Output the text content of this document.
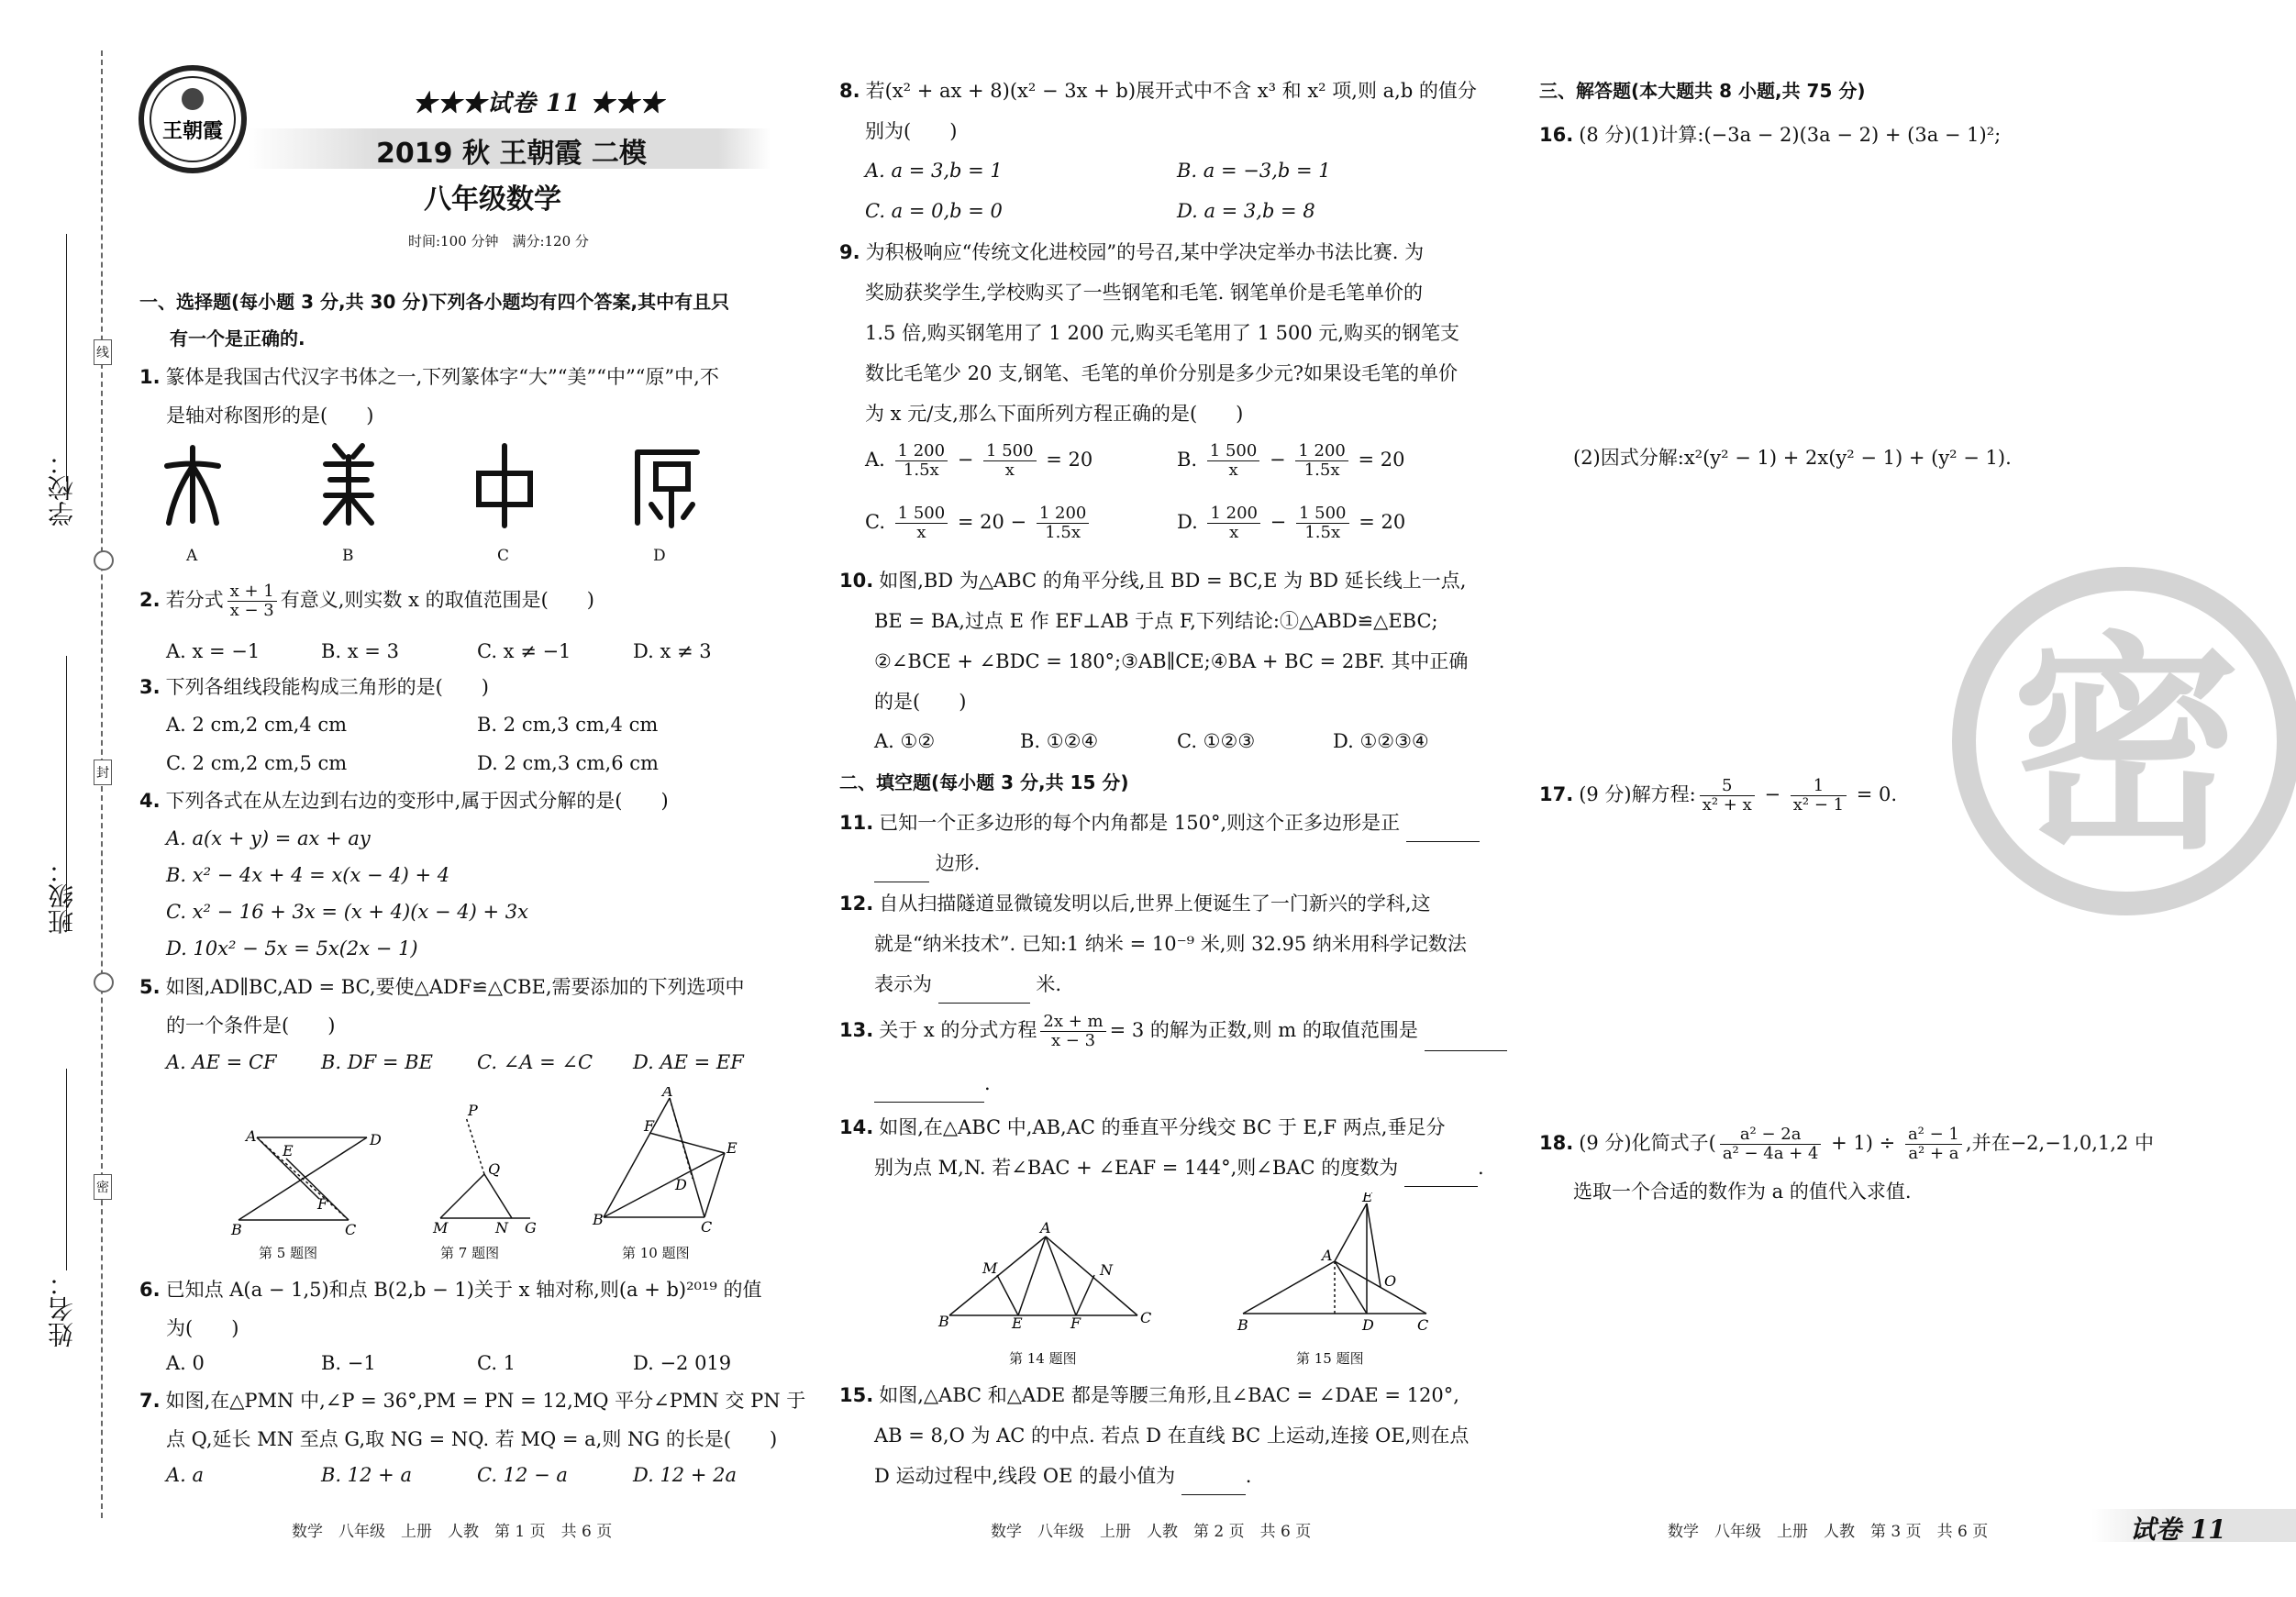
学校：
班级：
姓名：
线
封
密
王朝霞
★★★试卷 11 ★★★
2019 秋 王朝霞 二模
八年级数学
时间:100 分钟　满分:120 分
一、选择题(每小题 3 分,共 30 分)下列各小题均有四个答案,其中有且只
有一个是正确的.
1. 篆体是我国古代汉字书体之一,下列篆体字“大”“美”“中”“原”中,不
是轴对称图形的是(　　)
A	B	C	D
2. 若分式 $\frac{x + 1}{x - 3}$ 有意义,则实数 x 的取值范围是(　　)
A. x = −1	B. x = 3	C. x ≠ −1	D. x ≠ 3
3. 下列各组线段能构成三角形的是(　　)
A. 2 cm,2 cm,4 cm	B. 2 cm,3 cm,4 cm
C. 2 cm,2 cm,5 cm	D. 2 cm,3 cm,6 cm
4. 下列各式在从左边到右边的变形中,属于因式分解的是(　　)
A. a(x + y) = ax + ay
B. x² − 4x + 4 = x(x − 4) + 4
C. x² − 16 + 3x = (x + 4)(x − 4) + 3x
D. 10x² − 5x = 5x(2x − 1)
5. 如图,AD∥BC,AD = BC,要使△ADF≌△CBE,需要添加的下列选项中
的一个条件是(　　)
A. AE = CF B. DF = BE C. ∠A = ∠C D. AE = EF
A	D
E
F
B	C
第 5 题图
P
Q
M	N G
第 7 题图
A
F
E
D
B	C
第 10 题图
6. 已知点 A(a − 1,5)和点 B(2,b − 1)关于 x 轴对称,则(a + b)²⁰¹⁹ 的值
为(　　)
A. 0	B. −1	C. 1	D. −2 019
7. 如图,在△PMN 中,∠P = 36°,PM = PN = 12,MQ 平分∠PMN 交 PN 于
点 Q,延长 MN 至点 G,取 NG = NQ. 若 MQ = a,则 NG 的长是(　　)
A. a	B. 12 + a	C. 12 − a	D. 12 + 2a
数学　八年级　上册　人教　第 1 页　共 6 页
8. 若(x² + ax + 8)(x² − 3x + b)展开式中不含 x³ 和 x² 项,则 a,b 的值分
别为(　　)
A. a = 3,b = 1	B. a = −3,b = 1
C. a = 0,b = 0	D. a = 3,b = 8
9. 为积极响应“传统文化进校园”的号召,某中学决定举办书法比赛. 为
奖励获奖学生,学校购买了一些钢笔和毛笔. 钢笔单价是毛笔单价的
1.5 倍,购买钢笔用了 1 200 元,购买毛笔用了 1 500 元,购买的钢笔支
数比毛笔少 20 支,钢笔、毛笔的单价分别是多少元?如果设毛笔的单价
为 x 元/支,那么下面所列方程正确的是(　　)
A. $\frac{1 200}{1.5x} - \frac{1 500}{x} = 20$	B. $\frac{1 500}{x} - \frac{1 200}{1.5x} = 20$
C. $\frac{1 500}{x} = 20 - \frac{1 200}{1.5x}$	D. $\frac{1 200}{x} - \frac{1 500}{1.5x} = 20$
10. 如图,BD 为△ABC 的角平分线,且 BD = BC,E 为 BD 延长线上一点,
BE = BA,过点 E 作 EF⊥AB 于点 F,下列结论:①△ABD≌△EBC;
②∠BCE + ∠BDC = 180°;③AB∥CE;④BA + BC = 2BF. 其中正确
的是(　　)
A. ①②	B. ①②④	C. ①②③	D. ①②③④
二、填空题(每小题 3 分,共 15 分)
11. 已知一个正多边形的每个内角都是 150°,则这个正多边形是正
边形.
12. 自从扫描隧道显微镜发明以后,世界上便诞生了一门新兴的学科,这
就是“纳米技术”. 已知:1 纳米 = 10⁻⁹ 米,则 32.95 纳米用科学记数法
表示为	米.
13. 关于 x 的分式方程 $\frac{2x + m}{x - 3} = 3$ 的解为正数,则 m 的取值范围是
.
14. 如图,在△ABC 中,AB,AC 的垂直平分线交 BC 于 E,F 两点,垂足分
别为点 M,N. 若∠BAC + ∠EAF = 144°,则∠BAC 的度数为	.
A
M	N
B	E	F	C
第 14 题图
E
A
O
B	D	C
第 15 题图
15. 如图,△ABC 和△ADE 都是等腰三角形,且∠BAC = ∠DAE = 120°,
AB = 8,O 为 AC 的中点. 若点 D 在直线 BC 上运动,连接 OE,则在点
D 运动过程中,线段 OE 的最小值为	.
数学　八年级　上册　人教　第 2 页　共 6 页
三、解答题(本大题共 8 小题,共 75 分)
16. (8 分)(1)计算:(−3a − 2)(3a − 2) + (3a − 1)²;
(2)因式分解:x²(y² − 1) + 2x(y² − 1) + (y² − 1).
17. (9 分)解方程: $\frac{5}{\text{x² + x}} - \frac{1}{\text{x² − 1}} = 0$.
18. (9 分)化简式子( $\frac{\text{a² − 2a}}{\text{a² − 4a + 4}} + 1) \div \frac{\text{a² − 1}}{\text{a² + a}}$ ,并在−2,−1,0,1,2 中
选取一个合适的数作为 a 的值代入求值.
密
数学　八年级　上册　人教　第 3 页　共 6 页	试卷 11
